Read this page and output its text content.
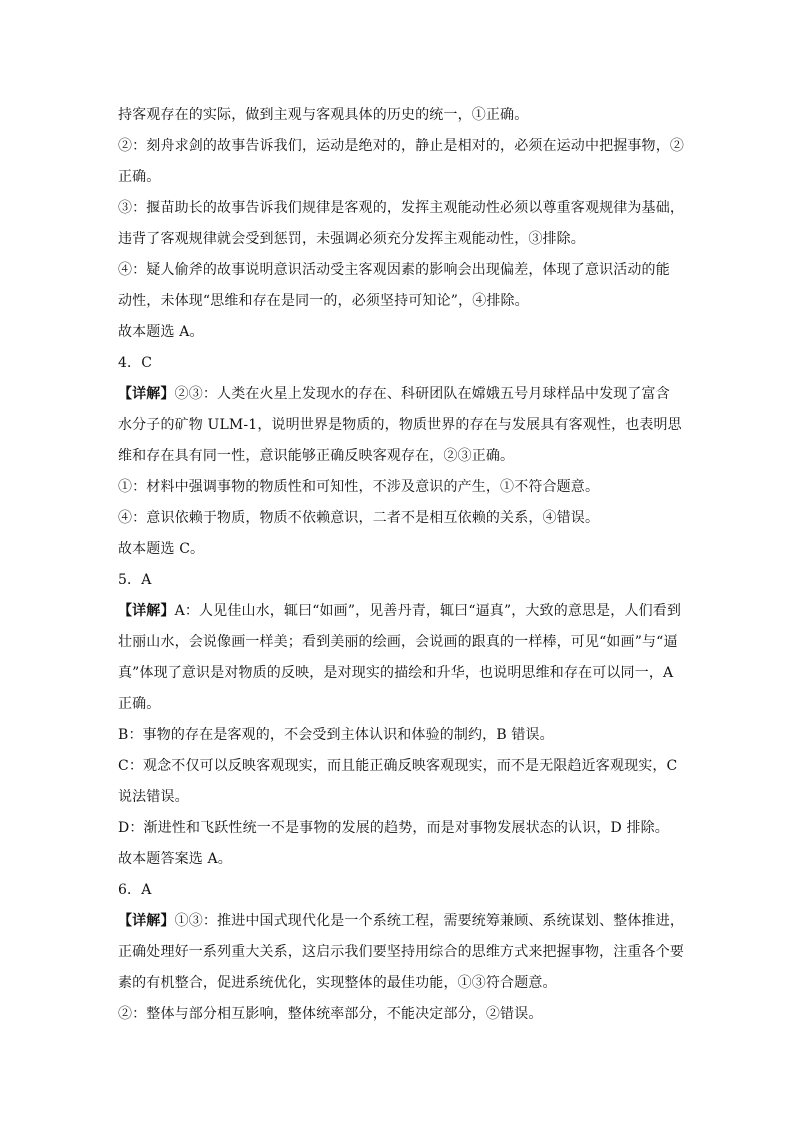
持客观存在的实际，做到主观与客观具体的历史的统一，①正确。
②：刻舟求剑的故事告诉我们，运动是绝对的，静止是相对的，必须在运动中把握事物，②
正确。
③：揠苗助长的故事告诉我们规律是客观的，发挥主观能动性必须以尊重客观规律为基础，
违背了客观规律就会受到惩罚，未强调必须充分发挥主观能动性，③排除。
④：疑人偷斧的故事说明意识活动受主客观因素的影响会出现偏差，体现了意识活动的能
动性，未体现“思维和存在是同一的，必须坚持可知论”，④排除。
故本题选 A。
4．C
【详解】②③：人类在火星上发现水的存在、科研团队在嫦娥五号月球样品中发现了富含
水分子的矿物 ULM-1，说明世界是物质的，物质世界的存在与发展具有客观性，也表明思
维和存在具有同一性，意识能够正确反映客观存在，②③正确。
①：材料中强调事物的物质性和可知性，不涉及意识的产生，①不符合题意。
④：意识依赖于物质，物质不依赖意识，二者不是相互依赖的关系，④错误。
故本题选 C。
5．A
【详解】A：人见佳山水，辄曰“如画”，见善丹青，辄曰“逼真”，大致的意思是，人们看到
壮丽山水，会说像画一样美；看到美丽的绘画，会说画的跟真的一样棒，可见“如画”与“逼
真”体现了意识是对物质的反映，是对现实的描绘和升华，也说明思维和存在可以同一，A
正确。
B：事物的存在是客观的，不会受到主体认识和体验的制约，B 错误。
C：观念不仅可以反映客观现实，而且能正确反映客观现实，而不是无限趋近客观现实，C
说法错误。
D：渐进性和飞跃性统一不是事物的发展的趋势，而是对事物发展状态的认识，D 排除。
故本题答案选 A。
6．A
【详解】①③：推进中国式现代化是一个系统工程，需要统筹兼顾、系统谋划、整体推进，
正确处理好一系列重大关系，这启示我们要坚持用综合的思维方式来把握事物，注重各个要
素的有机整合，促进系统优化，实现整体的最佳功能，①③符合题意。
②：整体与部分相互影响，整体统率部分，不能决定部分，②错误。
